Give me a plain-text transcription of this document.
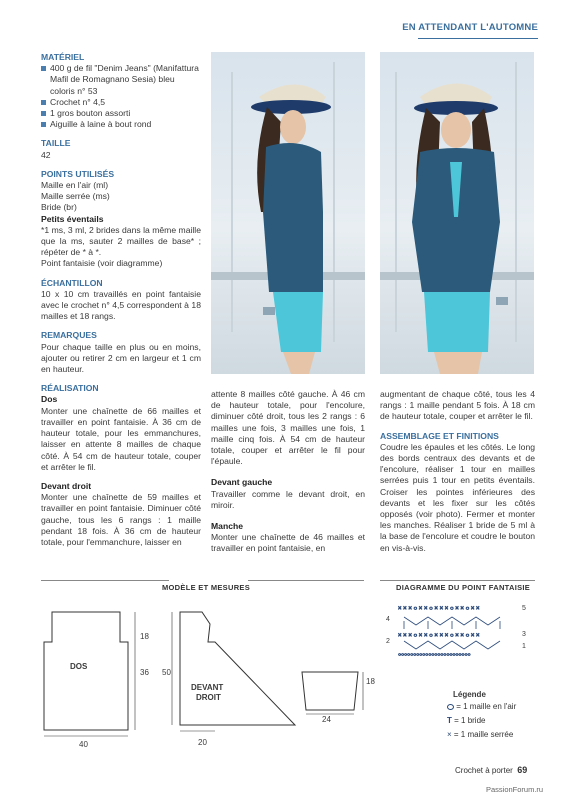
EN ATTENDANT L'AUTOMNE
MATÉRIEL
400 g de fil "Denim Jeans" (Manifattura Mafil de Romagnano Sesia) bleu coloris n° 53
Crochet n° 4,5
1 gros bouton assorti
Aiguille à laine à bout rond
TAILLE

42

POINTS UTILISÉS

Maille en l'air (ml)

Maille serrée (ms)

Bride (br)

Petits éventails

*1 ms, 3 ml, 2 brides dans la même maille que la ms, sauter 2 mailles de base* ; répéter de * à *.

Point fantaisie (voir diagramme)

ÉCHANTILLON

10 x 10 cm travaillés en point fantaisie avec le crochet n° 4,5 correspondent à 18 mailles et 18 rangs.

REMARQUES

Pour chaque taille en plus ou en moins, ajouter ou retirer 2 cm en largeur et 1 cm en hauteur.

RÉALISATION
Dos

Monter une chaînette de 66 mailles et travailler en point fantaisie. À 36 cm de hauteur totale, pour les emmanchures, laisser en attente 8 mailles de chaque côté. À 54 cm de hauteur totale, couper et arrêter le fil.

Devant droit

Monter une chaînette de 59 mailles et travailler en point fantaisie. Diminuer côté gauche, tous les 6 rangs : 1 maille pendant 18 fois. À 36 cm de hauteur totale, pour l'emmanchure, laisser en

attente 8 mailles côté gauche. À 46 cm de hauteur totale, pour l'encolure, diminuer côté droit, tous les 2 rangs : 6 mailles une fois, 3 mailles une fois, 1 maille cinq fois. À 54 cm de hauteur totale, couper et arrêter le fil pour l'épaule.

Devant gauche

Travailler comme le devant droit, en miroir.

Manche

Monter une chaînette de 46 mailles et travailler en point fantaisie, en

augmentant de chaque côté, tous les 4 rangs : 1 maille pendant 5 fois. À 18 cm de hauteur totale, couper et arrêter le fil.

ASSEMBLAGE ET FINITIONS

Coudre les épaules et les côtés. Le long des bords centraux des devants et de l'encolure, réaliser 1 tour en mailles serrées puis 1 tour en petits éventails. Croiser les pointes inférieures des devants et les fixer sur les côtés opposés (voir photo). Fermer et monter les manches. Réaliser 1 bride de 5 ml à la base de l'encolure et coudre le bouton en vis-à-vis.

MODÈLE ET MESURES	DIAGRAMME DU POINT FANTAISIE
DOS
18
36
40
50
DEVANT
DROIT
20
18
24
× × × ○ × × ○ × × × ○ × × ○ × ×
× × × ○ × × ○ × × × ○ × × ○ × ×
○○○○○○○○○○○○○○○○○○○○○○○○
5
4
3
2
1
Légende
= 1 maille en l'air
T = 1 bride
× = 1 maille serrée
Crochet à porter 69
PassionForum.ru
